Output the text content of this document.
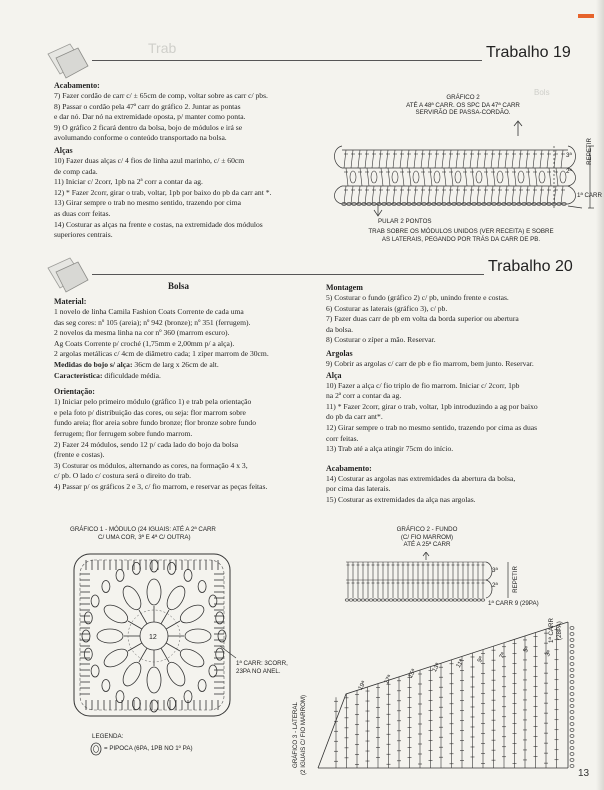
Trab
Bols
Trabalho 19
Acabamento:
7) Fazer cordão de carr c/ ± 65cm de comp, voltar sobre as carr c/ pbs.
8) Passar o cordão pela 47ª carr do gráfico 2. Juntar as pontas
e dar nó. Dar nó na extremidade oposta, p/ manter como ponta.
9) O gráfico 2 ficará dentro da bolsa, bojo de módulos e irá se
avolumando conforme o conteúdo transportado na bolsa.
Alças
10) Fazer duas alças c/ 4 fios de linha azul marinho, c/ ± 60cm
de comp cada.
11) Iniciar c/ 2corr, 1pb na 2ª corr a contar da ag.
12) * Fazer 2corr, girar o trab, voltar, 1pb por baixo do pb da carr ant *.
13) Girar sempre o trab no mesmo sentido, trazendo por cima
as duas corr feitas.
14) Costurar as alças na frente e costas, na extremidade dos módulos
superiores centrais.
GRÁFICO 2
ATÉ A 48ª CARR. OS SPC DA 47ª CARR
SERVIRÃO DE PASSA-CORDÃO.
REPETIR
3ª
2ª
1ª CARR
PULAR 2 PONTOS
TRAB SOBRE OS MÓDULOS UNIDOS (VER RECEITA) E SOBRE
AS LATERAIS, PEGANDO POR TRÁS DA CARR DE PB.
Trabalho 20
Bolsa
Material:
1 novelo de linha Camila Fashion Coats Corrente de cada uma
das seg cores: nº 105 (areia); nº 942 (bronze); nº 351 (ferrugem).
2 novelos da mesma linha na cor nº 360 (marrom escuro).
Ag Coats Corrente p/ croché (1,75mm e 2,00mm p/ a alça).
2 argolas metálicas c/ 4cm de diâmetro cada; 1 zíper marrom de 30cm.
Medidas do bojo s/ alça: 36cm de larg x 26cm de alt.
Característica: dificuldade média.
Orientação:
1) Iniciar pelo primeiro módulo (gráfico 1) e trab pela orientação
e pela foto p/ distribuição das cores, ou seja: flor marrom sobre
fundo areia; flor areia sobre fundo bronze; flor bronze sobre fundo
ferrugem; flor ferrugem sobre fundo marrom.
2) Fazer 24 módulos, sendo 12 p/ cada lado do bojo da bolsa
(frente e costas).
3) Costurar os módulos, alternando as cores, na formação 4 x 3,
c/ pb. O lado c/ costura será o direito do trab.
4) Passar p/ os gráficos 2 e 3, c/ fio marrom, e reservar as peças feitas.
Montagem
5) Costurar o fundo (gráfico 2) c/ pb, unindo frente e costas.
6) Costurar as laterais (gráfico 3), c/ pb.
7) Fazer duas carr de pb em volta da borda superior ou abertura
da bolsa.
8) Costurar o zíper a mão. Reservar.
Argolas
9) Cobrir as argolas c/ carr de pb e fio marrom, bem junto. Reservar.
Alça
10) Fazer a alça c/ fio triplo de fio marrom. Iniciar c/ 2corr, 1pb
na 2ª corr a contar da ag.
11) * Fazer 2corr, girar o trab, voltar, 1pb introduzindo a ag por baixo
do pb da carr ant*.
12) Girar sempre o trab no mesmo sentido, trazendo por cima as duas
corr feitas.
13) Trab até a alça atingir 75cm do início.
Acabamento:
14) Costurar as argolas nas extremidades da abertura da bolsa,
por cima das laterais.
15) Costurar as extremidades da alça nas argolas.
GRÁFICO 1 - MÓDULO (24 IGUAIS: ATÉ A 2ª CARR
C/ UMA COR, 3ª E 4ª C/ OUTRA)
12
1ª CARR: 3CORR,
23PA NO ANEL.
LEGENDA:
= PIPOCA (6PA, 1PB NO 1º PA)
GRÁFICO 2 - FUNDO
(C/ FIO MARROM)
ATÉ A 25ª CARR
REPETIR
3ª
2ª
1ª CARR 9 (29PA)
GRÁFICO 3 - LATERAL (2 IGUAIS C/ FIO MARROM)
1ª CARR (28PA)
3ª
5ª
7ª
9ª
11ª
13ª
15ª
17ª
19ª
13
